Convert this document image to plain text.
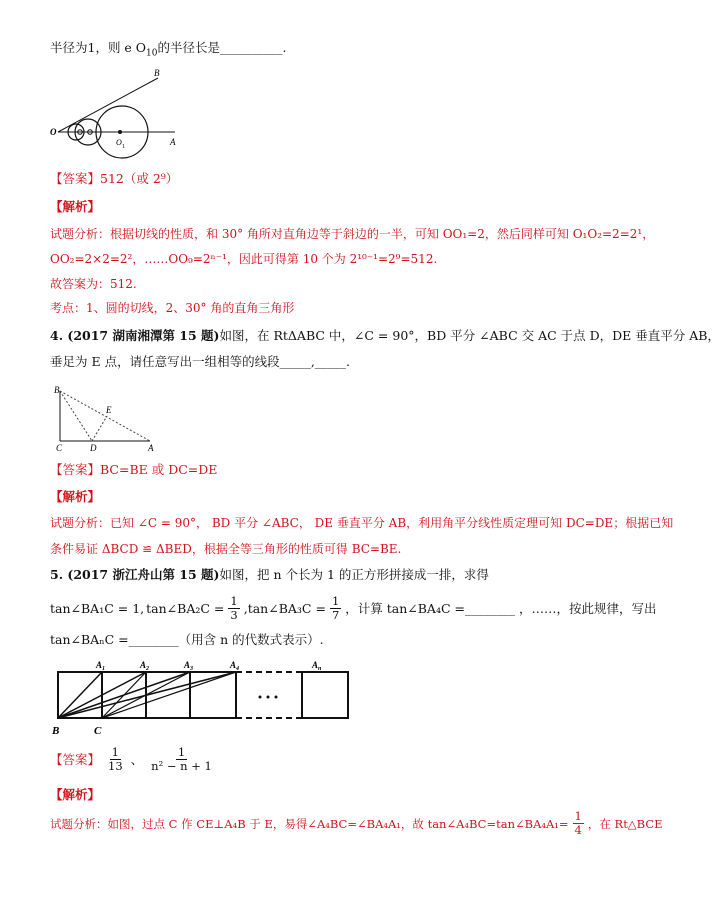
半径为1，则 e $O_{10}$的半径长是__________.
B
O
O 1	A
【答案】512（或 2⁹）
【解析】
试题分析：根据切线的性质，和 30° 角所对直角边等于斜边的一半，可知 OO₁=2，然后同样可知 O₁O₂=2=2¹，
OO₂=2×2=2²，……OO₉=2ⁿ⁻¹，因此可得第 10 个为 2¹⁰⁻¹=2⁹=512.
故答案为：512.
考点：1、圆的切线，2、30° 角的直角三角形
4. (2017 湖南湘潭第 15 题)如图，在 RtΔABC 中，∠C = 90°，BD 平分 ∠ABC 交 AC 于点 D，DE 垂直平分 AB，
垂足为 E 点，请任意写出一组相等的线段_____,_____.
B
E
C	D	A
【答案】BC=BE 或 DC=DE
【解析】
试题分析：已知 ∠C = 90°， BD 平分 ∠ABC， DE 垂直平分 AB，利用角平分线性质定理可知 DC=DE；根据已知
条件易证 ΔBCD ≌ ΔBED，根据全等三角形的性质可得 BC=BE.
5. (2017 浙江舟山第 15 题)如图，把 n 个长为 1 的正方形拼接成一排，求得
tan∠BA₁C = 1, tan∠BA₂C = $\frac{1}{3}$ ,tan∠BA₃C = $\frac{1}{7}$ ，计算 tan∠BA₄C =________ ，……，按此规律，写出
tan∠BAₙC =________（用含 n 的代数式表示）.
$A_1$	$A_2$	$A_3$	$A_4$	$A_n$
B	C
【答案】 $\frac{1}{13}$ 、 $\frac{1}{\text{n² − n + 1}}$
【解析】
试题分析：如图，过点 C 作 CE⊥A₄B 于 E，易得∠A₄BC=∠BA₄A₁，故 tan∠A₄BC=tan∠BA₄A₁= $\frac{1}{4}$ ，在 Rt△BCE
